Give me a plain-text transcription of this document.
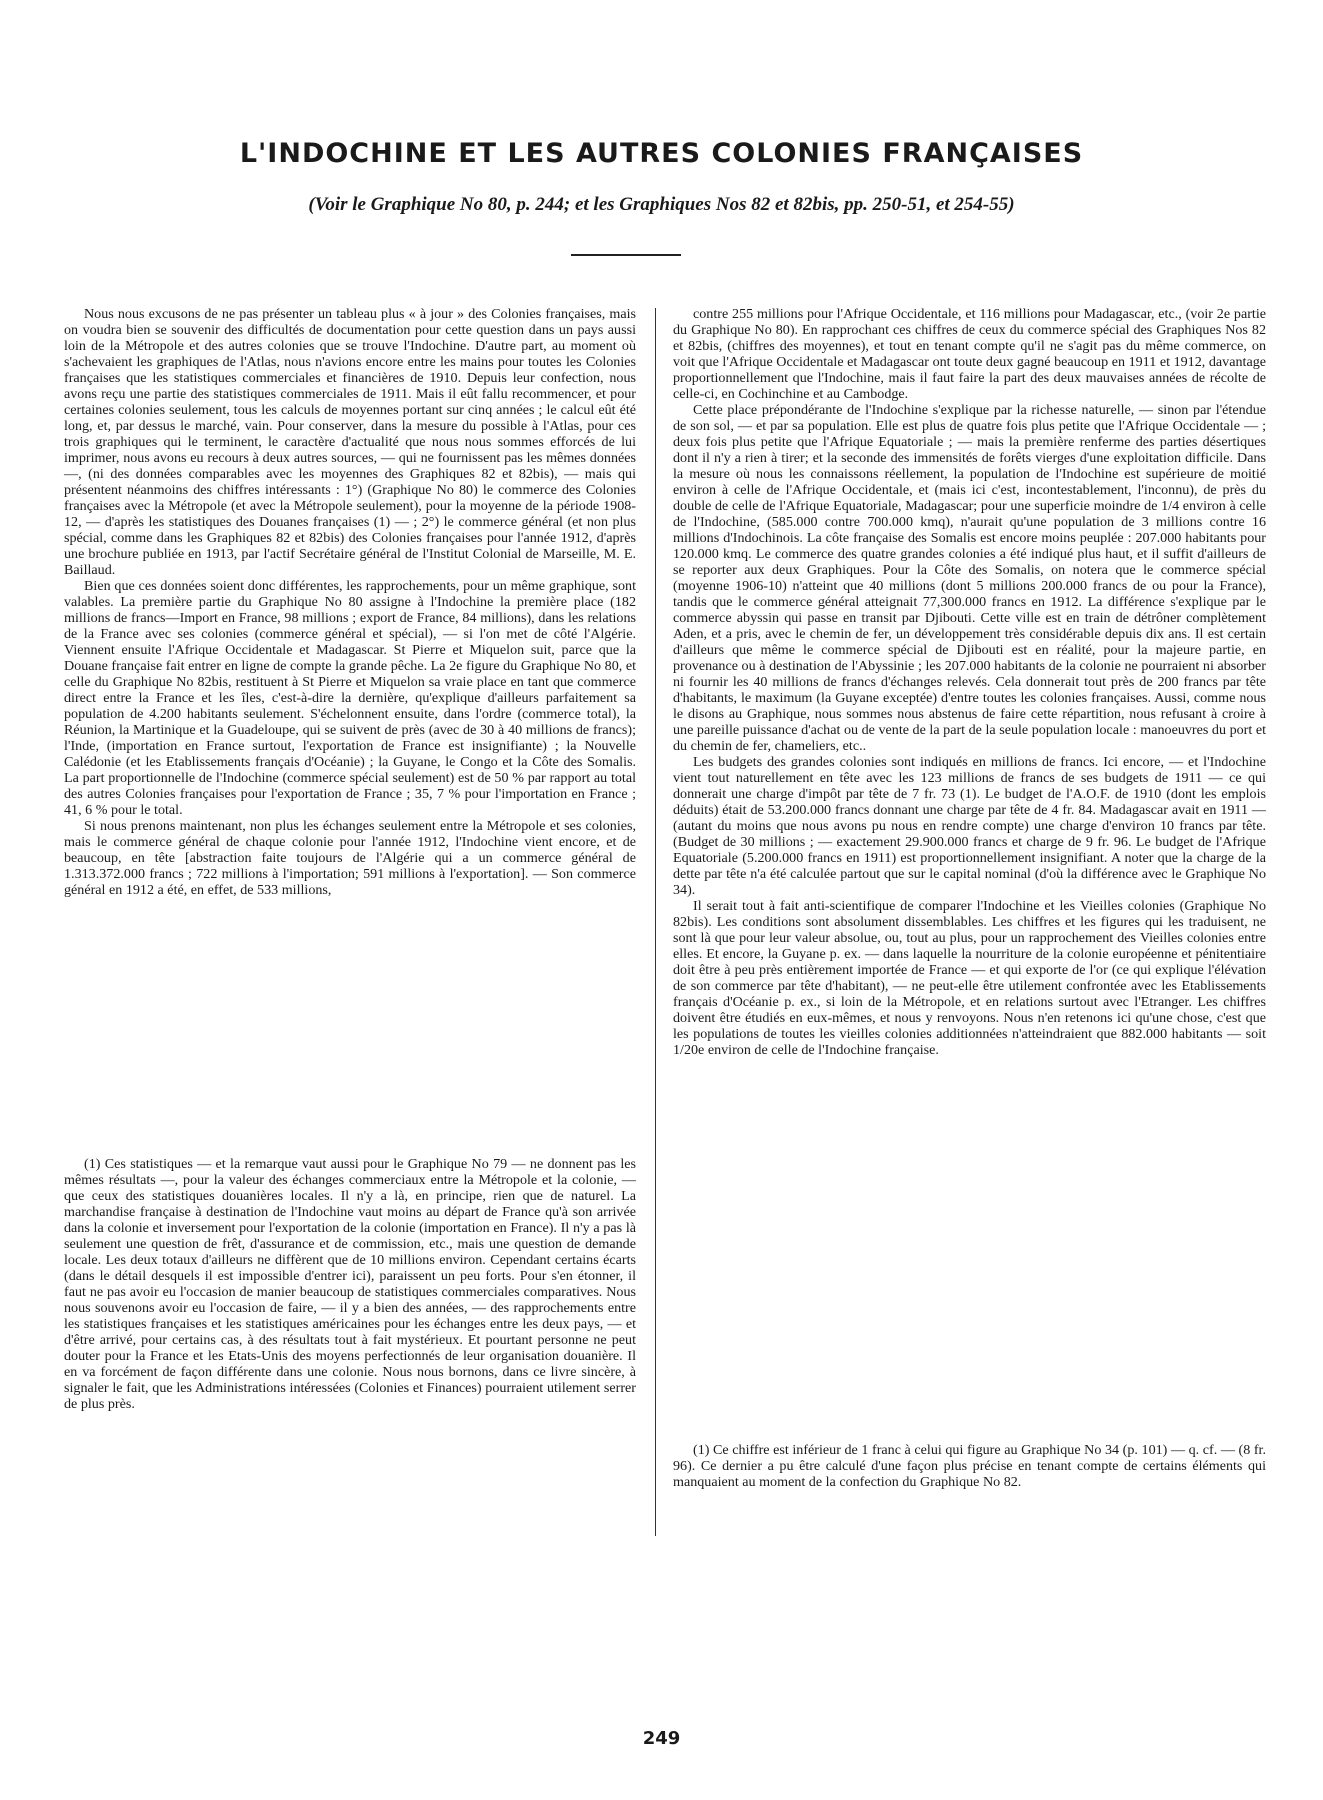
L'INDOCHINE ET LES AUTRES COLONIES FRANÇAISES

(Voir le Graphique No 80, p. 244; et les Graphiques Nos 82 et 82bis, pp. 250-51, et 254-55)

Nous nous excusons de ne pas présenter un tableau plus « à jour » des Colonies françaises, mais on voudra bien se souvenir des difficultés de documentation pour cette question dans un pays aussi loin de la Métropole et des autres colonies que se trouve l'Indochine. D'autre part, au moment où s'achevaient les graphiques de l'Atlas, nous n'avions encore entre les mains pour toutes les Colonies françaises que les statistiques commerciales et financières de 1910. Depuis leur confection, nous avons reçu une partie des statistiques commerciales de 1911. Mais il eût fallu recommencer, et pour certaines colonies seulement, tous les calculs de moyennes portant sur cinq années ; le calcul eût été long, et, par dessus le marché, vain. Pour conserver, dans la mesure du possible à l'Atlas, pour ces trois graphiques qui le terminent, le caractère d'actualité que nous nous sommes efforcés de lui imprimer, nous avons eu recours à deux autres sources, — qui ne fournissent pas les mêmes données —, (ni des données comparables avec les moyennes des Graphiques 82 et 82bis), — mais qui présentent néanmoins des chiffres intéressants : 1°) (Graphique No 80) le commerce des Colonies françaises avec la Métropole (et avec la Métropole seulement), pour la moyenne de la période 1908-12, — d'après les statistiques des Douanes françaises (1) — ; 2°) le commerce général (et non plus spécial, comme dans les Graphiques 82 et 82bis) des Colonies françaises pour l'année 1912, d'après une brochure publiée en 1913, par l'actif Secrétaire général de l'Institut Colonial de Marseille, M. E. Baillaud.

Bien que ces données soient donc différentes, les rapprochements, pour un même graphique, sont valables. La première partie du Graphique No 80 assigne à l'Indochine la première place (182 millions de francs—Import en France, 98 millions ; export de France, 84 millions), dans les relations de la France avec ses colonies (commerce général et spécial), — si l'on met de côté l'Algérie. Viennent ensuite l'Afrique Occidentale et Madagascar. St Pierre et Miquelon suit, parce que la Douane française fait entrer en ligne de compte la grande pêche. La 2e figure du Graphique No 80, et celle du Graphique No 82bis, restituent à St Pierre et Miquelon sa vraie place en tant que commerce direct entre la France et les îles, c'est-à-dire la dernière, qu'explique d'ailleurs parfaitement sa population de 4.200 habitants seulement. S'échelonnent ensuite, dans l'ordre (commerce total), la Réunion, la Martinique et la Guadeloupe, qui se suivent de près (avec de 30 à 40 millions de francs); l'Inde, (importation en France surtout, l'exportation de France est insignifiante) ; la Nouvelle Calédonie (et les Etablissements français d'Océanie) ; la Guyane, le Congo et la Côte des Somalis. La part proportionnelle de l'Indochine (commerce spécial seulement) est de 50 % par rapport au total des autres Colonies françaises pour l'exportation de France ; 35, 7 % pour l'importation en France ; 41, 6 % pour le total.

Si nous prenons maintenant, non plus les échanges seulement entre la Métropole et ses colonies, mais le commerce général de chaque colonie pour l'année 1912, l'Indochine vient encore, et de beaucoup, en tête [abstraction faite toujours de l'Algérie qui a un commerce général de 1.313.372.000 francs ; 722 millions à l'importation; 591 millions à l'exportation]. — Son commerce général en 1912 a été, en effet, de 533 millions,

(1) Ces statistiques — et la remarque vaut aussi pour le Graphique No 79 — ne donnent pas les mêmes résultats —, pour la valeur des échanges commerciaux entre la Métropole et la colonie, — que ceux des statistiques douanières locales. Il n'y a là, en principe, rien que de naturel. La marchandise française à destination de l'Indochine vaut moins au départ de France qu'à son arrivée dans la colonie et inversement pour l'exportation de la colonie (importation en France). Il n'y a pas là seulement une question de frêt, d'assurance et de commission, etc., mais une question de demande locale. Les deux totaux d'ailleurs ne diffèrent que de 10 millions environ. Cependant certains écarts (dans le détail desquels il est impossible d'entrer ici), paraissent un peu forts. Pour s'en étonner, il faut ne pas avoir eu l'occasion de manier beaucoup de statistiques commerciales comparatives. Nous nous souvenons avoir eu l'occasion de faire, — il y a bien des années, — des rapprochements entre les statistiques françaises et les statistiques américaines pour les échanges entre les deux pays, — et d'être arrivé, pour certains cas, à des résultats tout à fait mystérieux. Et pourtant personne ne peut douter pour la France et les Etats-Unis des moyens perfectionnés de leur organisation douanière. Il en va forcément de façon différente dans une colonie. Nous nous bornons, dans ce livre sincère, à signaler le fait, que les Administrations intéressées (Colonies et Finances) pourraient utilement serrer de plus près.

contre 255 millions pour l'Afrique Occidentale, et 116 millions pour Madagascar, etc., (voir 2e partie du Graphique No 80). En rapprochant ces chiffres de ceux du commerce spécial des Graphiques Nos 82 et 82bis, (chiffres des moyennes), et tout en tenant compte qu'il ne s'agit pas du même commerce, on voit que l'Afrique Occidentale et Madagascar ont toute deux gagné beaucoup en 1911 et 1912, davantage proportionnellement que l'Indochine, mais il faut faire la part des deux mauvaises années de récolte de celle-ci, en Cochinchine et au Cambodge.

Cette place prépondérante de l'Indochine s'explique par la richesse naturelle, — sinon par l'étendue de son sol, — et par sa population. Elle est plus de quatre fois plus petite que l'Afrique Occidentale — ; deux fois plus petite que l'Afrique Equatoriale ; — mais la première renferme des parties désertiques dont il n'y a rien à tirer; et la seconde des immensités de forêts vierges d'une exploitation difficile. Dans la mesure où nous les connaissons réellement, la population de l'Indochine est supérieure de moitié environ à celle de l'Afrique Occidentale, et (mais ici c'est, incontestablement, l'inconnu), de près du double de celle de l'Afrique Equatoriale, Madagascar; pour une superficie moindre de 1/4 environ à celle de l'Indochine, (585.000 contre 700.000 kmq), n'aurait qu'une population de 3 millions contre 16 millions d'Indochinois. La côte française des Somalis est encore moins peuplée : 207.000 habitants pour 120.000 kmq. Le commerce des quatre grandes colonies a été indiqué plus haut, et il suffit d'ailleurs de se reporter aux deux Graphiques. Pour la Côte des Somalis, on notera que le commerce spécial (moyenne 1906-10) n'atteint que 40 millions (dont 5 millions 200.000 francs de ou pour la France), tandis que le commerce général atteignait 77,300.000 francs en 1912. La différence s'explique par le commerce abyssin qui passe en transit par Djibouti. Cette ville est en train de détrôner complètement Aden, et a pris, avec le chemin de fer, un développement très considérable depuis dix ans. Il est certain d'ailleurs que même le commerce spécial de Djibouti est en réalité, pour la majeure partie, en provenance ou à destination de l'Abyssinie ; les 207.000 habitants de la colonie ne pourraient ni absorber ni fournir les 40 millions de francs d'échanges relevés. Cela donnerait tout près de 200 francs par tête d'habitants, le maximum (la Guyane exceptée) d'entre toutes les colonies françaises. Aussi, comme nous le disons au Graphique, nous sommes nous abstenus de faire cette répartition, nous refusant à croire à une pareille puissance d'achat ou de vente de la part de la seule population locale : manoeuvres du port et du chemin de fer, chameliers, etc..

Les budgets des grandes colonies sont indiqués en millions de francs. Ici encore, — et l'Indochine vient tout naturellement en tête avec les 123 millions de francs de ses budgets de 1911 — ce qui donnerait une charge d'impôt par tête de 7 fr. 73 (1). Le budget de l'A.O.F. de 1910 (dont les emplois déduits) était de 53.200.000 francs donnant une charge par tête de 4 fr. 84. Madagascar avait en 1911 — (autant du moins que nous avons pu nous en rendre compte) une charge d'environ 10 francs par tête. (Budget de 30 millions ; — exactement 29.900.000 francs et charge de 9 fr. 96. Le budget de l'Afrique Equatoriale (5.200.000 francs en 1911) est proportionnellement insignifiant. A noter que la charge de la dette par tête n'a été calculée partout que sur le capital nominal (d'où la différence avec le Graphique No 34).

Il serait tout à fait anti-scientifique de comparer l'Indochine et les Vieilles colonies (Graphique No 82bis). Les conditions sont absolument dissemblables. Les chiffres et les figures qui les traduisent, ne sont là que pour leur valeur absolue, ou, tout au plus, pour un rapprochement des Vieilles colonies entre elles. Et encore, la Guyane p. ex. — dans laquelle la nourriture de la colonie européenne et pénitentiaire doit être à peu près entièrement importée de France — et qui exporte de l'or (ce qui explique l'élévation de son commerce par tête d'habitant), — ne peut-elle être utilement confrontée avec les Etablissements français d'Océanie p. ex., si loin de la Métropole, et en relations surtout avec l'Etranger. Les chiffres doivent être étudiés en eux-mêmes, et nous y renvoyons. Nous n'en retenons ici qu'une chose, c'est que les populations de toutes les vieilles colonies additionnées n'atteindraient que 882.000 habitants — soit 1/20e environ de celle de l'Indochine française.

(1) Ce chiffre est inférieur de 1 franc à celui qui figure au Graphique No 34 (p. 101) — q. cf. — (8 fr. 96). Ce dernier a pu être calculé d'une façon plus précise en tenant compte de certains éléments qui manquaient au moment de la confection du Graphique No 82.

249
